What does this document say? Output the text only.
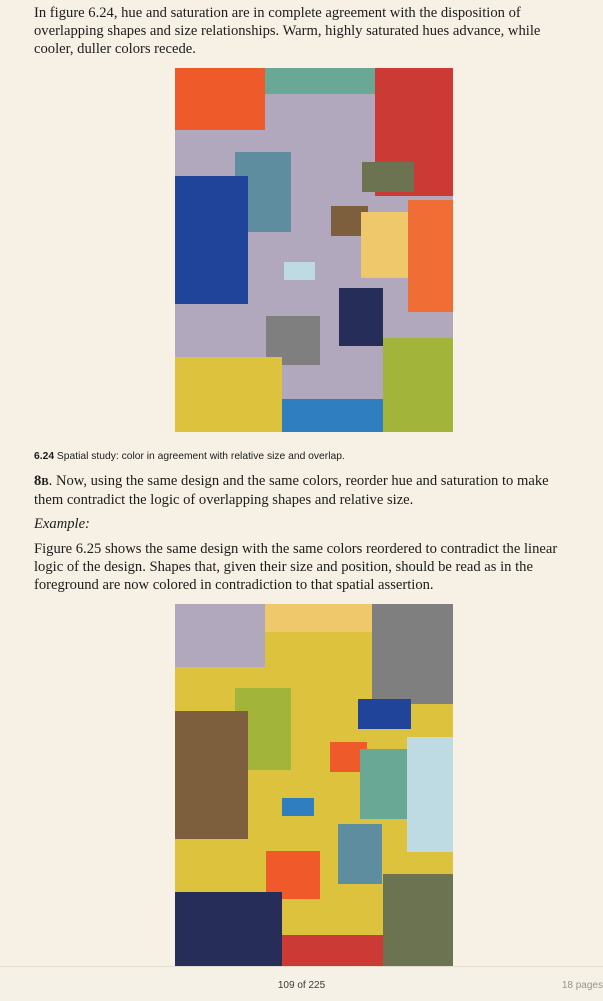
In figure 6.24, hue and saturation are in complete agreement with the disposition of overlapping shapes and size relationships. Warm, highly saturated hues advance, while cooler, duller colors recede.

6.24 Spatial study: color in agreement with relative size and overlap.

8B. Now, using the same design and the same colors, reorder hue and saturation to make them contradict the logic of overlapping shapes and relative size.

Example:

Figure 6.25 shows the same design with the same colors reordered to contradict the linear logic of the design. Shapes that, given their size and position, should be read as in the foreground are now colored in contradiction to that spatial assertion.

109 of 225	18 pages
